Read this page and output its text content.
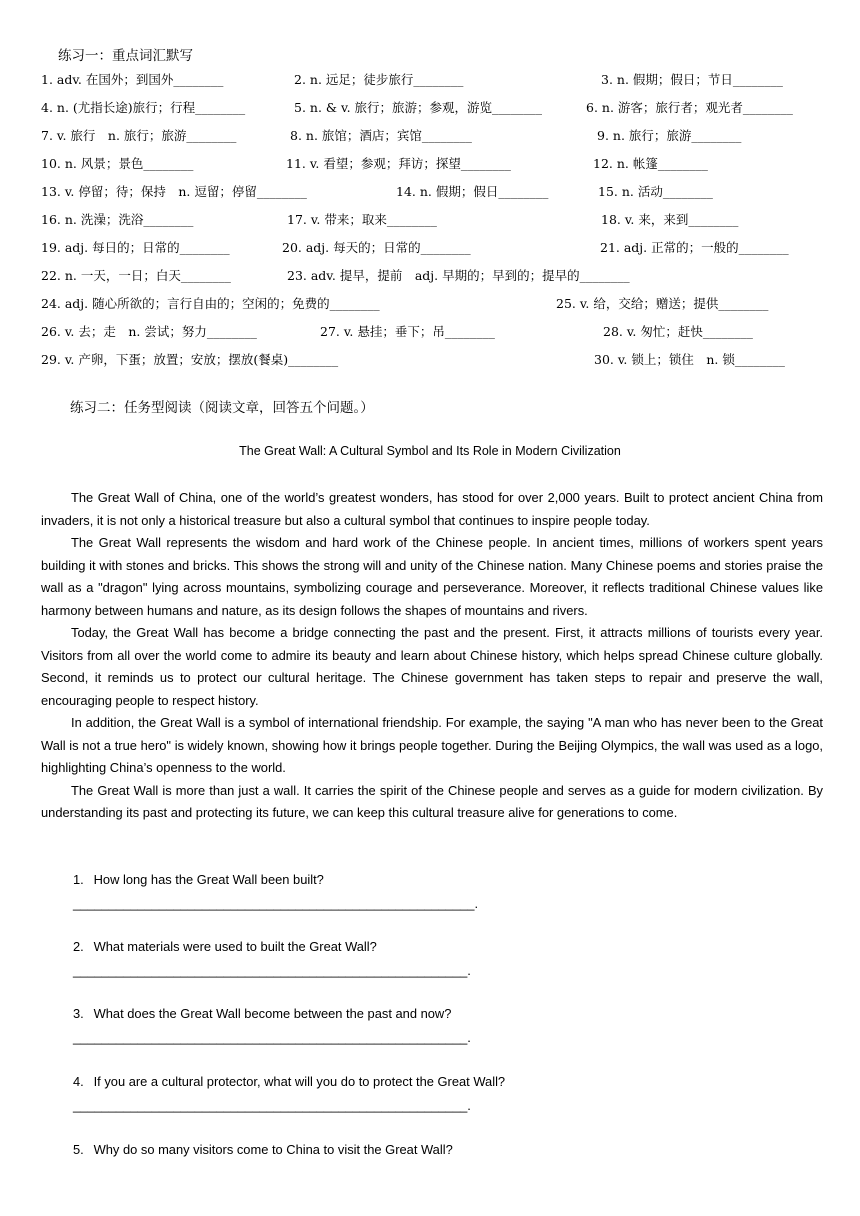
练习一：重点词汇默写
1. adv. 在国外；到国外________	2. n. 远足；徒步旅行________	3. n. 假期；假日；节日________
4. n. (尤指长途)旅行；行程________	5. n. & v. 旅行；旅游；参观，游览________	6. n. 游客；旅行者；观光者________
7. v. 旅行　n. 旅行；旅游________	8. n. 旅馆；酒店；宾馆________	9. n. 旅行；旅游________
10. n. 风景；景色________	11. v. 看望；参观；拜访；探望________	12. n. 帐篷________
13. v. 停留；待；保持　n. 逗留；停留________	14. n. 假期；假日________	15. n. 活动________
16. n. 洗澡；洗浴________	17. v. 带来；取来________	18. v. 来，来到________
19. adj. 每日的；日常的________	20. adj. 每天的；日常的________	21. adj. 正常的；一般的________
22. n. 一天，一日；白天________	23. adv. 提早，提前　adj. 早期的；早到的；提早的________
24. adj. 随心所欲的；言行自由的；空闲的；免费的________	25. v. 给，交给；赠送；提供________
26. v. 去；走　n. 尝试；努力________	27. v. 悬挂；垂下；吊________	28. v. 匆忙；赶快________
29. v. 产卵，下蛋；放置；安放；摆放(餐桌)________	30. v. 锁上；锁住　n. 锁________
练习二：任务型阅读（阅读文章，回答五个问题。）
The Great Wall: A Cultural Symbol and Its Role in Modern Civilization

The Great Wall of China, one of the world’s greatest wonders, has stood for over 2,000 years. Built to protect ancient China from invaders, it is not only a historical treasure but also a cultural symbol that continues to inspire people today.

The Great Wall represents the wisdom and hard work of the Chinese people. In ancient times, millions of workers spent years building it with stones and bricks. This shows the strong will and unity of the Chinese nation. Many Chinese poems and stories praise the wall as a "dragon" lying across mountains, symbolizing courage and perseverance. Moreover, it reflects traditional Chinese values like harmony between humans and nature, as its design follows the shapes of mountains and rivers.

Today, the Great Wall has become a bridge connecting the past and the present. First, it attracts millions of tourists every year. Visitors from all over the world come to admire its beauty and learn about Chinese history, which helps spread Chinese culture globally. Second, it reminds us to protect our cultural heritage. The Chinese government has taken steps to repair and preserve the wall, encouraging people to respect history.

In addition, the Great Wall is a symbol of international friendship. For example, the saying "A man who has never been to the Great Wall is not a true hero" is widely known, showing how it brings people together. During the Beijing Olympics, the wall was used as a logo, highlighting China’s openness to the world.

The Great Wall is more than just a wall. It carries the spirit of the Chinese people and serves as a guide for modern civilization. By understanding its past and protecting its future, we can keep this cultural treasure alive for generations to come.

1. How long has the Great Wall been built?
________________________________________________________.
2. What materials were used to built the Great Wall?
_______________________________________________________.
3. What does the Great Wall become between the past and now?
_______________________________________________________.
4. If you are a cultural protector, what will you do to protect the Great Wall?
_______________________________________________________.
5. Why do so many visitors come to China to visit the Great Wall?
